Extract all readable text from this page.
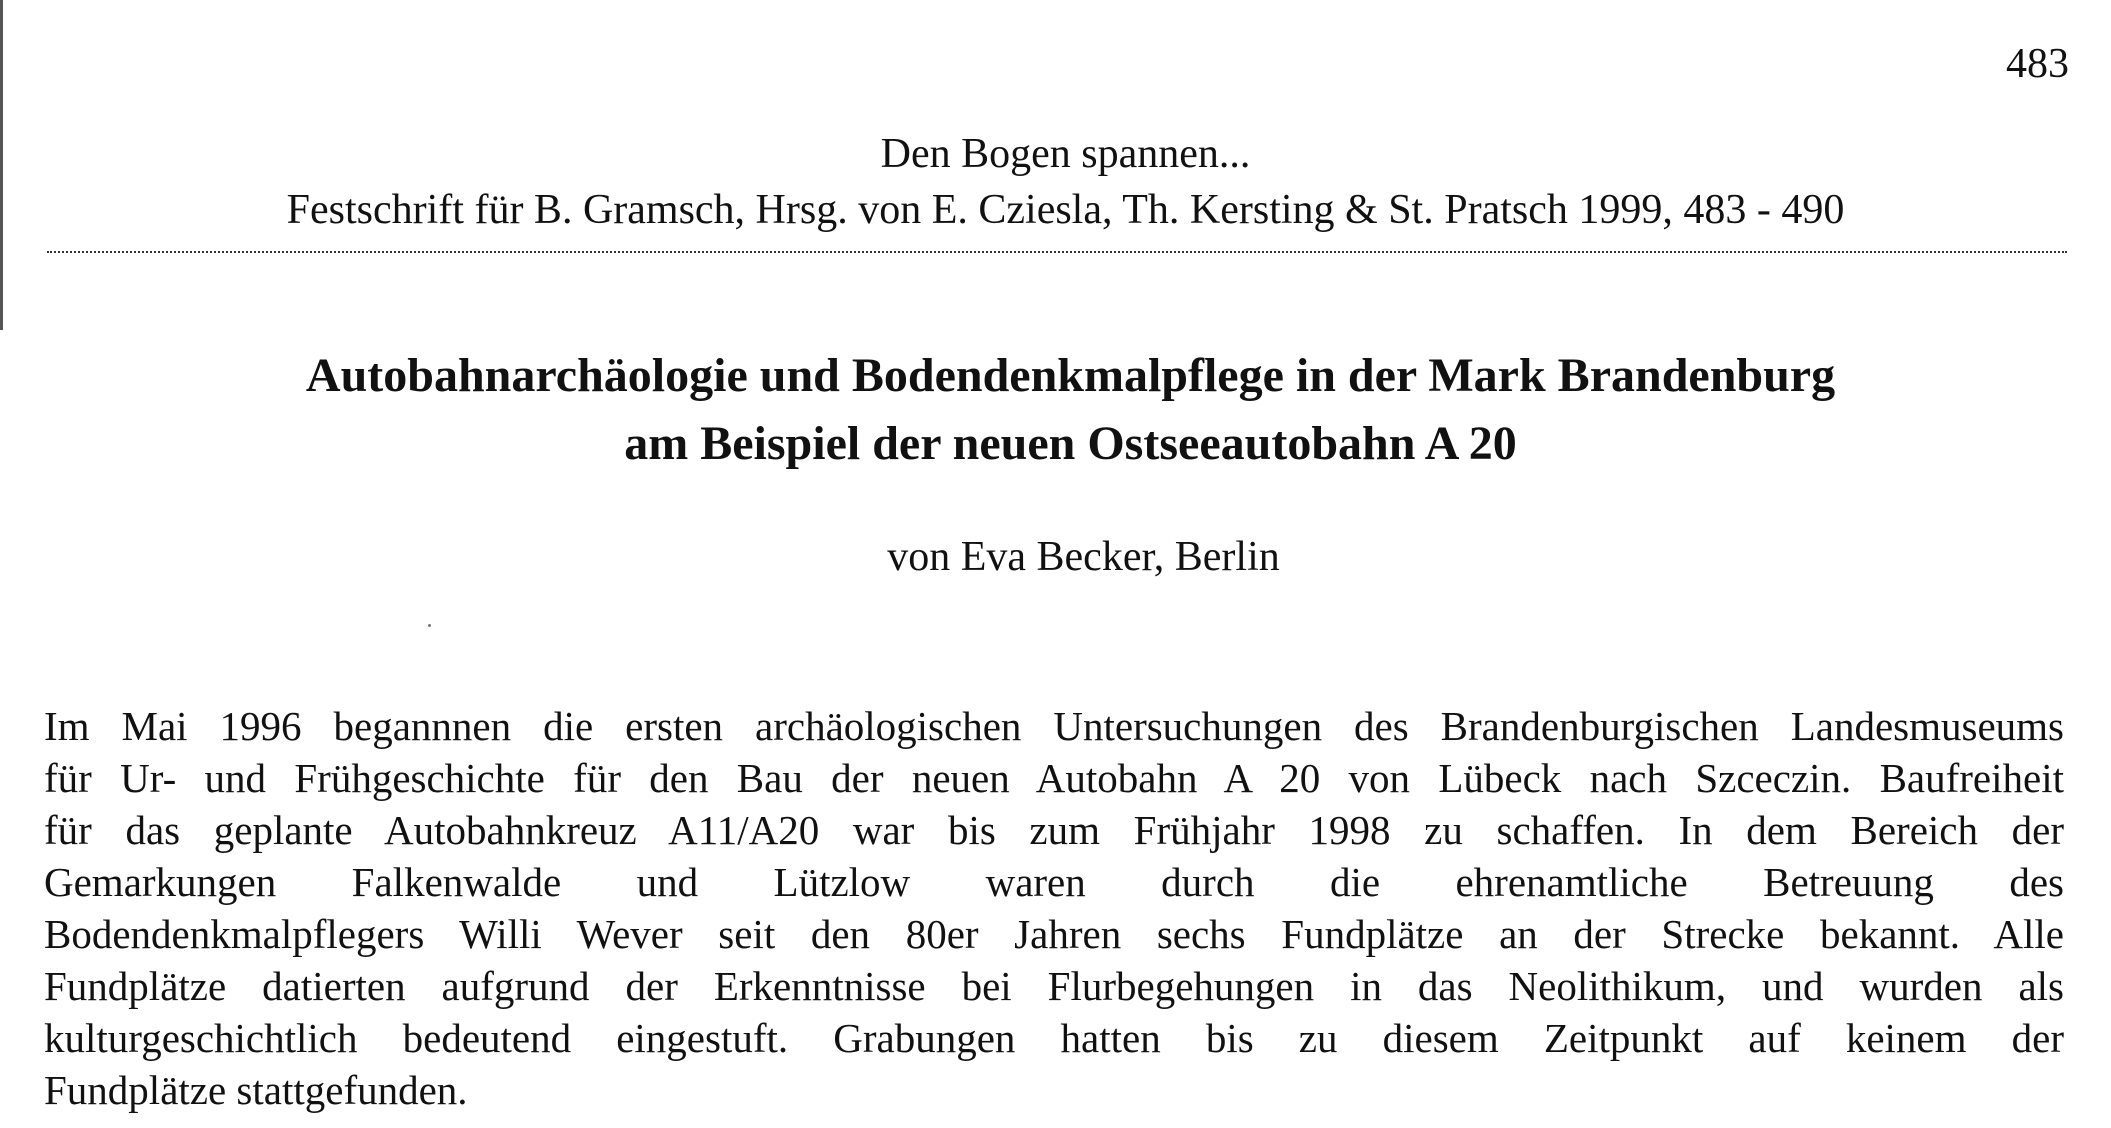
483
Den Bogen spannen...
Festschrift für B. Gramsch, Hrsg. von E. Cziesla, Th. Kersting & St. Pratsch 1999, 483 - 490
Autobahnarchäologie und Bodendenkmalpflege in der Mark Brandenburg
am Beispiel der neuen Ostseeautobahn A 20
von Eva Becker, Berlin
Im Mai 1996 begannnen die ersten archäologischen Untersuchungen des Brandenburgischen Landesmuseums
für Ur- und Frühgeschichte für den Bau der neuen Autobahn A 20 von Lübeck nach Szceczin. Baufreiheit
für das geplante Autobahnkreuz A11/A20 war bis zum Frühjahr 1998 zu schaffen. In dem Bereich der
Gemarkungen Falkenwalde und Lützlow waren durch die ehrenamtliche Betreuung des
Bodendenkmalpflegers Willi Wever seit den 80er Jahren sechs Fundplätze an der Strecke bekannt. Alle
Fundplätze datierten aufgrund der Erkenntnisse bei Flurbegehungen in das Neolithikum, und wurden als
kulturgeschichtlich bedeutend eingestuft. Grabungen hatten bis zu diesem Zeitpunkt auf keinem der
Fundplätze stattgefunden.
